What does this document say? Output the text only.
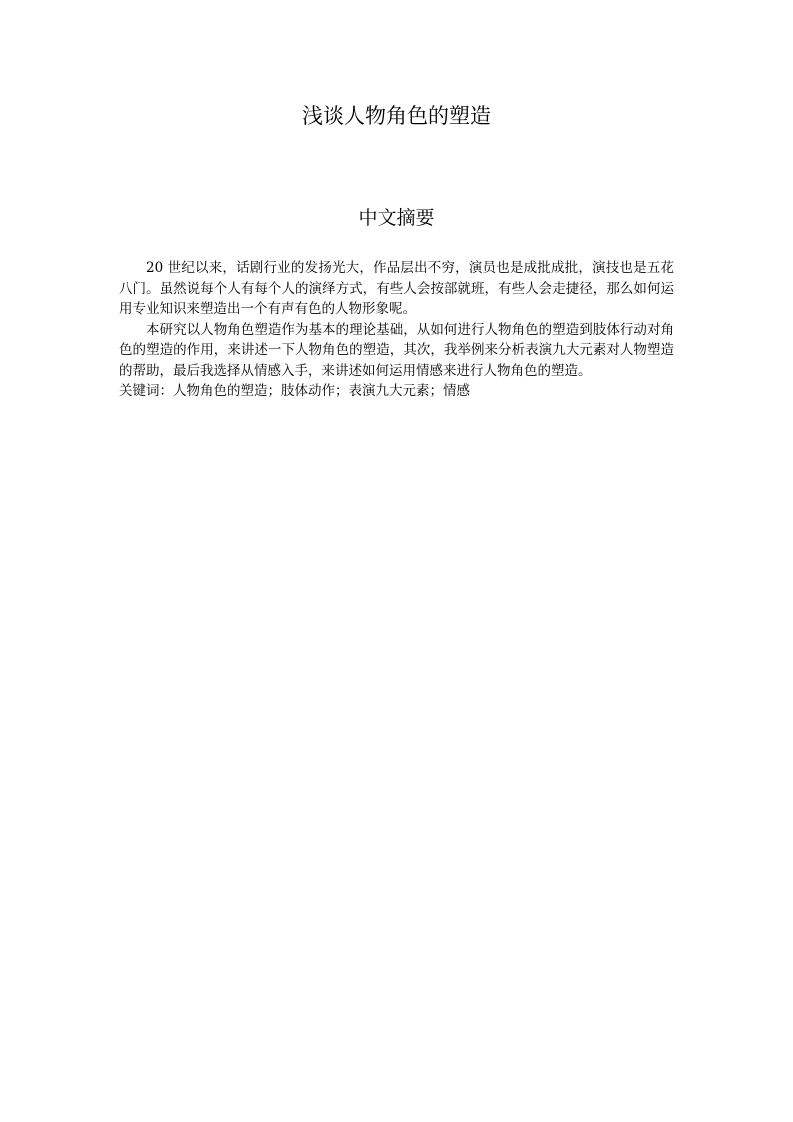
浅谈人物角色的塑造
中文摘要

20 世纪以来，话剧行业的发扬光大，作品层出不穷，演员也是成批成批，演技也是五花八门。虽然说每个人有每个人的演绎方式，有些人会按部就班，有些人会走捷径，那么如何运用专业知识来塑造出一个有声有色的人物形象呢。

本研究以人物角色塑造作为基本的理论基础，从如何进行人物角色的塑造到肢体行动对角色的塑造的作用，来讲述一下人物角色的塑造，其次，我举例来分析表演九大元素对人物塑造的帮助，最后我选择从情感入手，来讲述如何运用情感来进行人物角色的塑造。

关键词：人物角色的塑造；肢体动作；表演九大元素；情感
